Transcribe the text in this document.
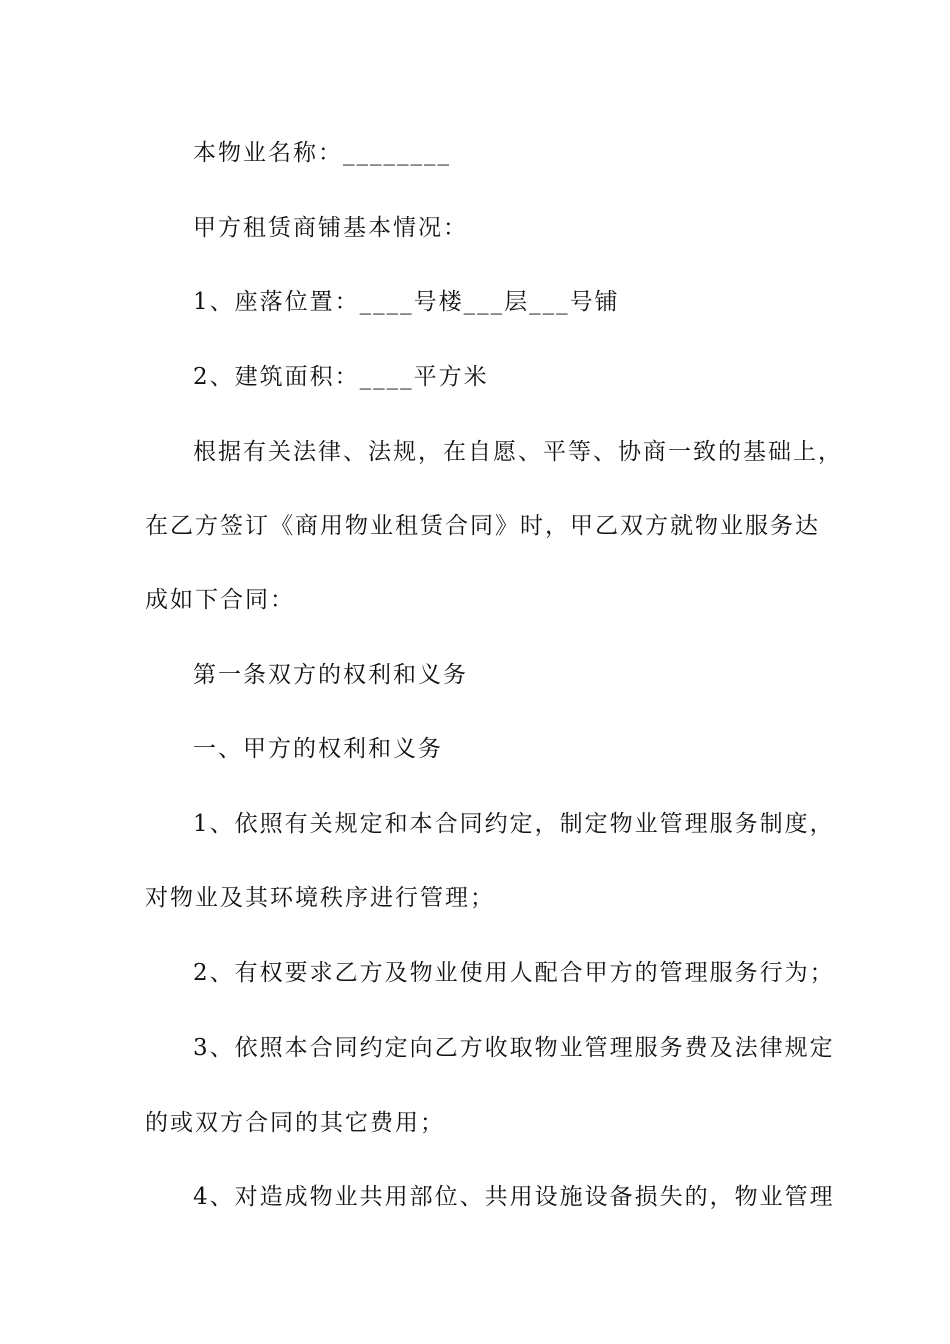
本物业名称：________
甲方租赁商铺基本情况：
1、座落位置：____号楼___层___号铺
2、建筑面积：____平方米
根据有关法律、法规，在自愿、平等、协商一致的基础上，
在乙方签订《商用物业租赁合同》时，甲乙双方就物业服务达
成如下合同：
第一条双方的权利和义务
一、甲方的权利和义务
1、依照有关规定和本合同约定，制定物业管理服务制度，
对物业及其环境秩序进行管理；
2、有权要求乙方及物业使用人配合甲方的管理服务行为；
3、依照本合同约定向乙方收取物业管理服务费及法律规定
的或双方合同的其它费用；
4、对造成物业共用部位、共用设施设备损失的，物业管理
